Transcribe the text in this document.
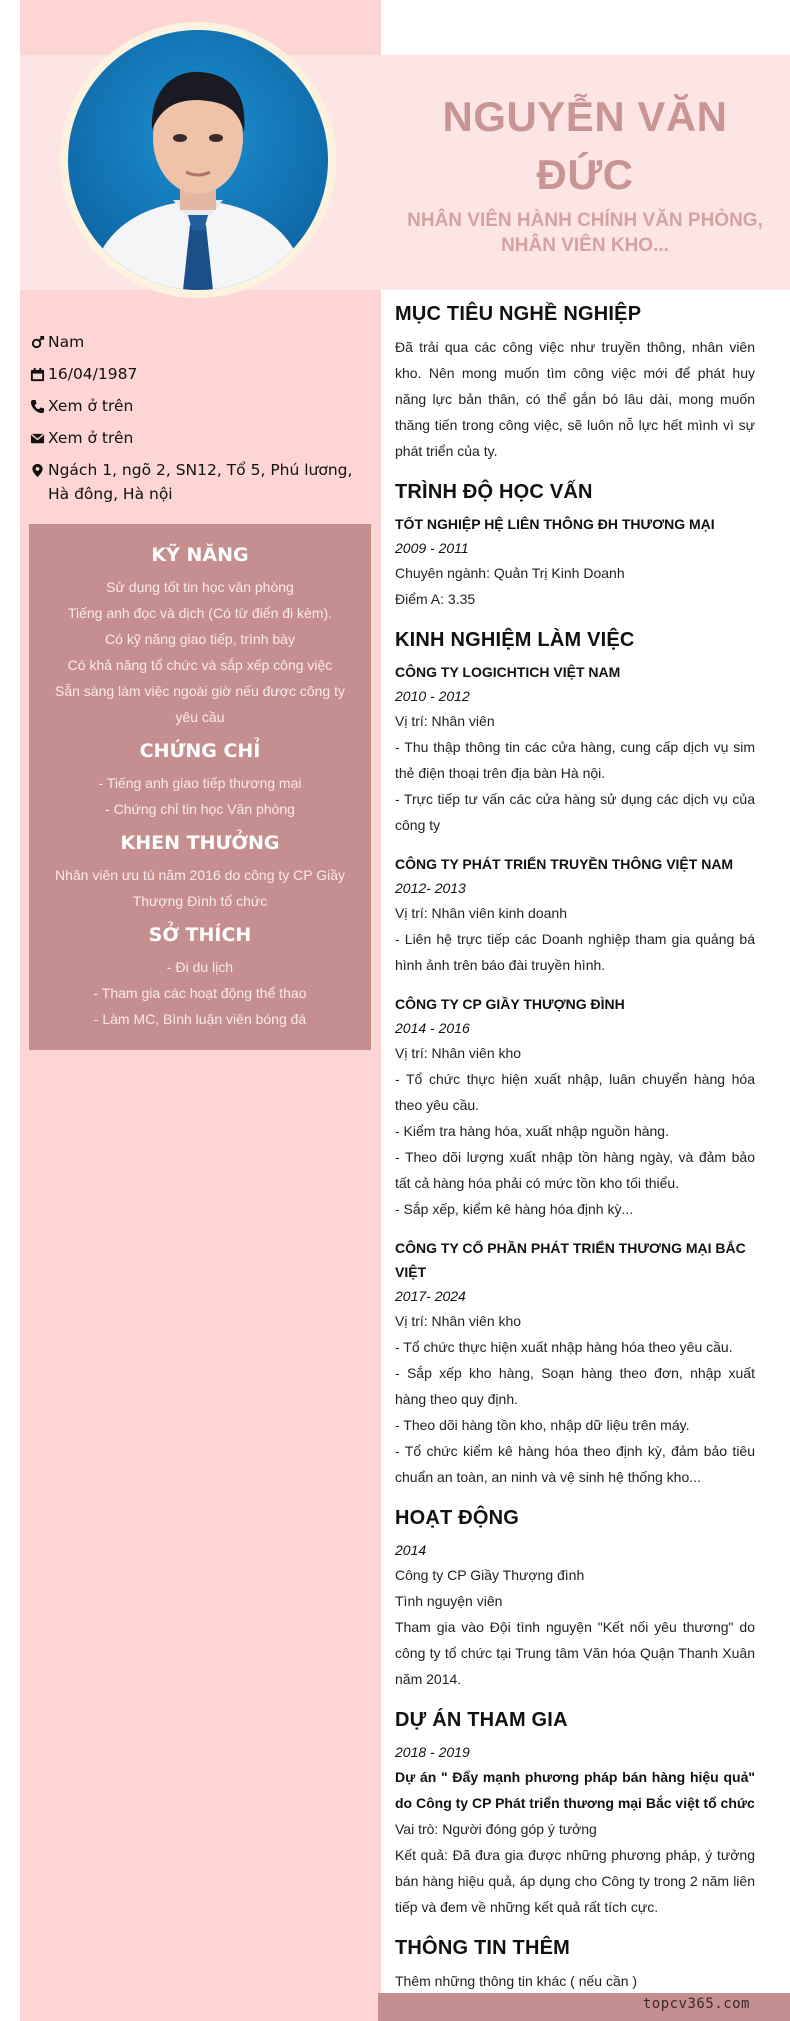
NGUYỄN VĂN ĐỨC
NHÂN VIÊN HÀNH CHÍNH VĂN PHÒNG, NHÂN VIÊN KHO...
Nam
16/04/1987
Xem ở trên
Xem ở trên
Ngách 1, ngõ 2, SN12, Tổ 5, Phú lương, Hà đông, Hà nội
KỸ NĂNG

Sử dụng tốt tin học văn phòng

Tiếng anh đọc và dịch (Có từ điển đi kèm).

Có kỹ năng giao tiếp, trình bày

Có khả năng tổ chức và sắp xếp công việc

Sẵn sàng làm việc ngoài giờ nếu được công ty yêu cầu

CHỨNG CHỈ

- Tiếng anh giao tiếp thương mại

- Chứng chỉ tin học Văn phòng

KHEN THƯỞNG

Nhân viên ưu tú năm 2016 do công ty CP Giầy Thượng Đình tổ chức

SỞ THÍCH

- Đi du lịch

- Tham gia các hoạt động thể thao

- Làm MC, Bình luận viên bóng đá

MỤC TIÊU NGHỀ NGHIỆP

Đã trải qua các công việc như truyền thông, nhân viên kho. Nên mong muốn tìm công việc mới để phát huy năng lực bản thân, có thể gắn bó lâu dài, mong muốn thăng tiến trong công việc, sẽ luôn nỗ lực hết mình vì sự phát triển của ty.

TRÌNH ĐỘ HỌC VẤN

TỐT NGHIỆP HỆ LIÊN THÔNG ĐH THƯƠNG MẠI

2009 - 2011

Chuyên ngành: Quản Trị Kinh Doanh

Điểm A: 3.35

KINH NGHIỆM LÀM VIỆC

CÔNG TY LOGICHTICH VIỆT NAM

2010 - 2012

Vị trí: Nhân viên

- Thu thập thông tin các cửa hàng, cung cấp dịch vụ sim thẻ điện thoại trên địa bàn Hà nội.

- Trực tiếp tư vấn các cửa hàng sử dụng các dịch vụ của công ty

CÔNG TY PHÁT TRIỂN TRUYỀN THÔNG VIỆT NAM

2012- 2013

Vị trí: Nhân viên kinh doanh

- Liên hệ trực tiếp các Doanh nghiệp tham gia quảng bá hình ảnh trên báo đài truyền hình.

CÔNG TY CP GIẦY THƯỢNG ĐÌNH

2014 - 2016

Vị trí: Nhân viên kho

- Tổ chức thực hiện xuất nhập, luân chuyển hàng hóa theo yêu cầu.

- Kiểm tra hàng hóa, xuất nhập nguồn hàng.

- Theo dõi lượng xuất nhập tồn hàng ngày, và đảm bảo tất cả hàng hóa phải có mức tồn kho tối thiểu.

- Sắp xếp, kiểm kê hàng hóa định kỳ...

CÔNG TY CỔ PHẦN PHÁT TRIỂN THƯƠNG MẠI BẮC VIỆT

2017- 2024

Vị trí: Nhân viên kho

- Tổ chức thực hiện xuất nhập hàng hóa theo yêu cầu.

- Sắp xếp kho hàng, Soạn hàng theo đơn, nhập xuất hàng theo quy định.

- Theo dõi hàng tồn kho, nhập dữ liệu trên máy.

- Tổ chức kiểm kê hàng hóa theo định kỳ, đảm bảo tiêu chuẩn an toàn, an ninh và vệ sinh hệ thống kho...

HOẠT ĐỘNG

2014

Công ty CP Giầy Thượng đình

Tình nguyện viên

Tham gia vào Đội tình nguyện "Kết nối yêu thương" do công ty tổ chức tại Trung tâm Văn hóa Quận Thanh Xuân năm 2014.

DỰ ÁN THAM GIA

2018 - 2019

Dự án " Đẩy mạnh phương pháp bán hàng hiệu quả" do Công ty CP Phát triển thương mại Bắc việt tổ chức

Vai trò: Người đóng góp ý tưởng

Kết quả: Đã đưa gia được những phương pháp, ý tưởng bán hàng hiệu quả, áp dụng cho Công ty trong 2 năm liên tiếp và đem về những kết quả rất tích cực.

THÔNG TIN THÊM

Thêm những thông tin khác ( nếu cần )

topcv365.com
